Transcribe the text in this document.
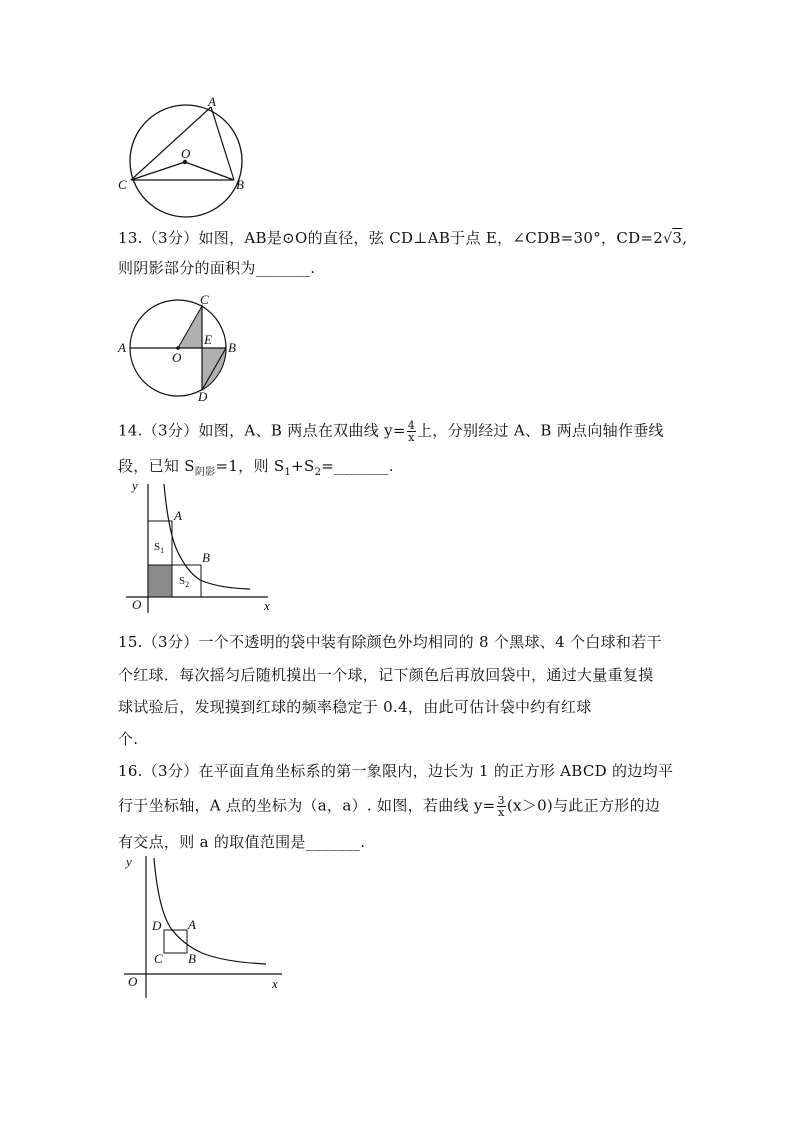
A
B
C
O
13.（3分）如图，AB是⊙O的直径，弦 CD⊥AB于点 E，∠CDB=30°，CD=2√3,
则阴影部分的面积为_______.
A	B
C
D
E
O
14.（3分）如图，A、B 两点在双曲线 $y= \frac{4}{x}$ 上，分别经过 A、B 两点向轴作垂线
段，已知 $S_{阴影}=1$，则 $S_1+S_2=\_\_\_\_\_\_\_$.
y
x
O
A
B
$S_1$
$S_2$
15.（3分）一个不透明的袋中装有除颜色外均相同的 8 个黑球、4 个白球和若干
个红球．每次摇匀后随机摸出一个球，记下颜色后再放回袋中，通过大量重复摸
球试验后，发现摸到红球的频率稳定于 0.4，由此可估计袋中约有红球
个.
16.（3分）在平面直角坐标系的第一象限内，边长为 1 的正方形 ABCD 的边均平
行于坐标轴，A 点的坐标为（a，a）. 如图，若曲线 $y= \frac{3}{x} (x>0)$与此正方形的边
有交点，则 a 的取值范围是_______.
y
x
O
A
B
C
D
